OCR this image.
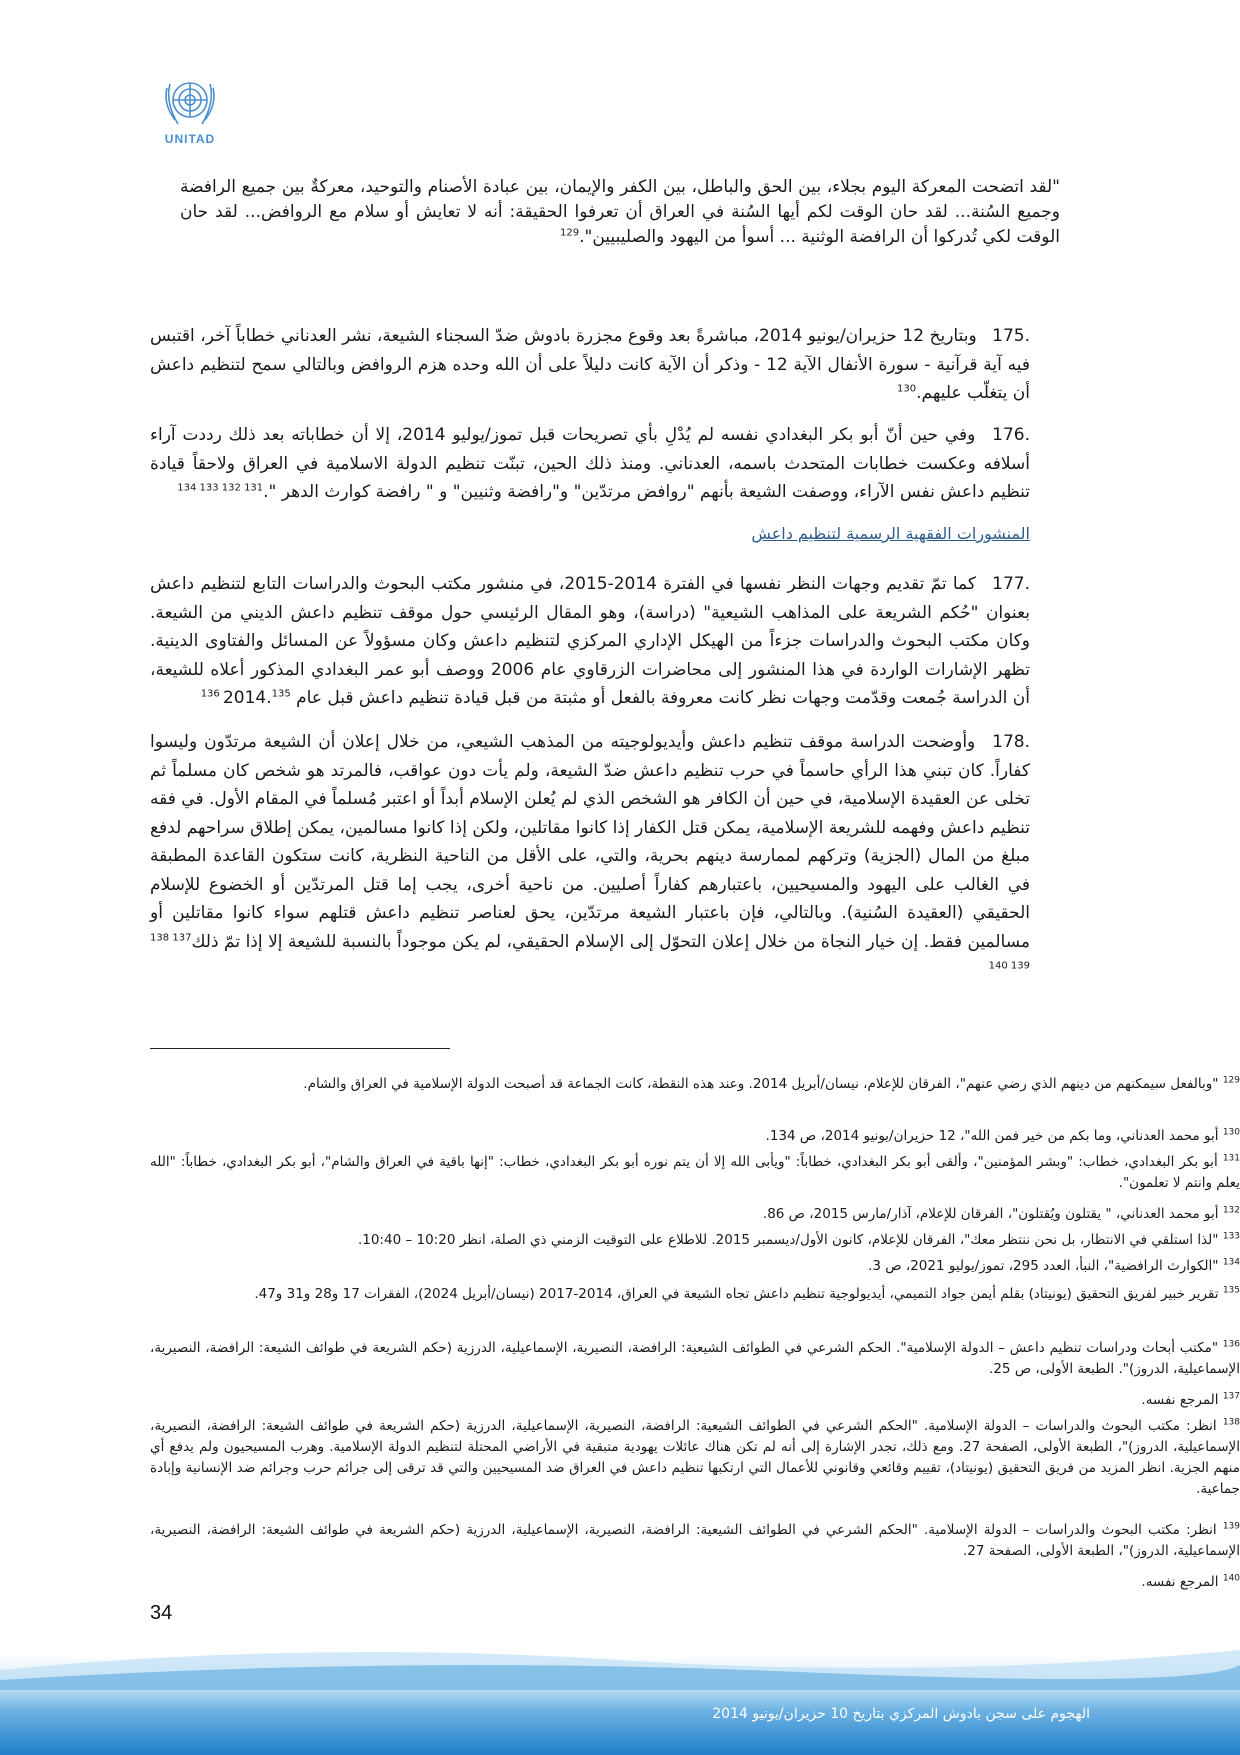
UNITAD
"لقد اتضحت المعركة اليوم بجلاء، بين الحق والباطل، بين الكفر والإيمان، بين عبادة الأصنام والتوحيد، معركةٌ بين جميع الرافضة وجميع السُنة... لقد حان الوقت لكم أيها السُنة في العراق أن تعرفوا الحقيقة: أنه لا تعايش أو سلام مع الروافض... لقد حان الوقت لكي تُدركوا أن الرافضة الوثنية ... أسوأ من اليهود والصليبيين".$^{129}$
.175 وبتاريخ 12 حزيران/يونيو 2014، مباشرةً بعد وقوع مجزرة بادوش ضدّ السجناء الشيعة، نشر العدناني خطاباً آخر، اقتبس فيه آية قرآنية - سورة الأنفال الآية 12 - وذكر أن الآية كانت دليلاً على أن الله وحده هزم الروافض وبالتالي سمح لتنظيم داعش أن يتغلّب عليهم.$^{130}$
.176 وفي حين أنّ أبو بكر البغدادي نفسه لم يُدْلِ بأي تصريحات قبل تموز/يوليو 2014، إلا أن خطاباته بعد ذلك رددت آراء أسلافه وعكست خطابات المتحدث باسمه، العدناني. ومنذ ذلك الحين، تبنّت تنظيم الدولة الاسلامية في العراق ولاحقاً قيادة تنظيم داعش نفس الآراء، ووصفت الشيعة بأنهم "روافض مرتدّين" و"رافضة وثنيين" و " رافضة كوارث الدهر ".$^{131 132 133 134}$
المنشورات الفقهية الرسمية لتنظيم داعش
.177 كما تمّ تقديم وجهات النظر نفسها في الفترة 2014-2015، في منشور مكتب البحوث والدراسات التابع لتنظيم داعش بعنوان "حُكم الشريعة على المذاهب الشيعية" (دراسة)، وهو المقال الرئيسي حول موقف تنظيم داعش الديني من الشيعة. وكان مكتب البحوث والدراسات جزءاً من الهيكل الإداري المركزي لتنظيم داعش وكان مسؤولاً عن المسائل والفتاوى الدينية. تظهر الإشارات الواردة في هذا المنشور إلى محاضرات الزرقاوي عام 2006 ووصف أبو عمر البغدادي المذكور أعلاه للشيعة، أن الدراسة جُمعت وقدّمت وجهات نظر كانت معروفة بالفعل أو مثبتة من قبل قيادة تنظيم داعش قبل عام 2014.$^{135 136}$
.178 وأوضحت الدراسة موقف تنظيم داعش وأيديولوجيته من المذهب الشيعي، من خلال إعلان أن الشيعة مرتدّون وليسوا كفاراً. كان تبني هذا الرأي حاسماً في حرب تنظيم داعش ضدّ الشيعة، ولم يأت دون عواقب، فالمرتد هو شخص كان مسلماً ثم تخلى عن العقيدة الإسلامية، في حين أن الكافر هو الشخص الذي لم يُعلن الإسلام أبداً أو اعتبر مُسلماً في المقام الأول. في فقه تنظيم داعش وفهمه للشريعة الإسلامية، يمكن قتل الكفار إذا كانوا مقاتلين، ولكن إذا كانوا مسالمين، يمكن إطلاق سراحهم لدفع مبلغ من المال (الجزية) وتركهم لممارسة دينهم بحرية، والتي، على الأقل من الناحية النظرية، كانت ستكون القاعدة المطبقة في الغالب على اليهود والمسيحيين، باعتبارهم كفاراً أصليين. من ناحية أخرى، يجب إما قتل المرتدّين أو الخضوع للإسلام الحقيقي (العقيدة السُنية). وبالتالي، فإن باعتبار الشيعة مرتدّين، يحق لعناصر تنظيم داعش قتلهم سواء كانوا مقاتلين أو مسالمين فقط. إن خيار النجاة من خلال إعلان التحوّل إلى الإسلام الحقيقي، لم يكن موجوداً بالنسبة للشيعة إلا إذا تمّ ذلك$^{137 138 139 140}$
$^{129}$ "وبالفعل سيمكنهم من دينهم الذي رضي عنهم"، الفرقان للإعلام، نيسان/أبريل 2014. وعند هذه النقطة، كانت الجماعة قد أصبحت الدولة الإسلامية في العراق والشام.
$^{130}$ أبو محمد العدناني، وما بكم من خير فمن الله"، 12 حزيران/يونيو 2014، ص 134.
$^{131}$ أبو بكر البغدادي، خطاب: "وبشر المؤمنين"، وألقى أبو بكر البغدادي، خطاباً: "ويأبى الله إلا أن يتم نوره أبو بكر البغدادي، خطاب: "إنها باقية في العراق والشام"، أبو بكر البغدادي، خطاباً: "الله يعلم وانتم لا تعلمون".
$^{132}$ أبو محمد العدناني، " يقتلون ويُقتلون"، الفرقان للإعلام، آذار/مارس 2015، ص 86.
$^{133}$ "لذا استلقي في الانتظار، بل نحن ننتظر معك"، الفرقان للإعلام، كانون الأول/ديسمبر 2015. للاطلاع على التوقيت الزمني ذي الصلة، انظر 10:20 – 10:40.
$^{134}$ "الكوارث الرافضية"، النبأ، العدد 295، تموز/يوليو 2021، ص 3.
$^{135}$ تقرير خبير لفريق التحقيق (يونيتاد) بقلم أيمن جواد التميمي، أيديولوجية تنظيم داعش تجاه الشيعة في العراق، 2014-2017 (نيسان/أبريل 2024)، الفقرات 17 و28 و31 و47.
$^{136}$ "مكتب أبحاث ودراسات تنظيم داعش – الدولة الإسلامية". الحكم الشرعي في الطوائف الشيعية: الرافضة، النصيرية، الإسماعيلية، الدرزية (حكم الشريعة في طوائف الشيعة: الرافضة، النصيرية، الإسماعيلية، الدروز)". الطبعة الأولى، ص 25.
$^{137}$ المرجع نفسه.
$^{138}$ انظر: مكتب البحوث والدراسات – الدولة الإسلامية. "الحكم الشرعي في الطوائف الشيعية: الرافضة، النصيرية، الإسماعيلية، الدرزية (حكم الشريعة في طوائف الشيعة: الرافضة، النصيرية، الإسماعيلية، الدروز)"، الطبعة الأولى، الصفحة 27. ومع ذلك، تجدر الإشارة إلى أنه لم تكن هناك عائلات يهودية متبقية في الأراضي المحتلة لتنظيم الدولة الإسلامية. وهرب المسيحيون ولم يدفع أي منهم الجزية. انظر المزيد من فريق التحقيق (يونيتاد)، تقييم وقائعي وقانوني للأعمال التي ارتكبها تنظيم داعش في العراق ضد المسيحيين والتي قد ترقى إلى جرائم حرب وجرائم ضد الإنسانية وإبادة جماعية.
$^{139}$ انظر: مكتب البحوث والدراسات – الدولة الإسلامية. "الحكم الشرعي في الطوائف الشيعية: الرافضة، النصيرية، الإسماعيلية، الدرزية (حكم الشريعة في طوائف الشيعة: الرافضة، النصيرية، الإسماعيلية، الدروز)"، الطبعة الأولى، الصفحة 27.
$^{140}$ المرجع نفسه.
34
الهجوم على سجن بادوش المركزي بتاريخ 10 حزيران/يونيو 2014
